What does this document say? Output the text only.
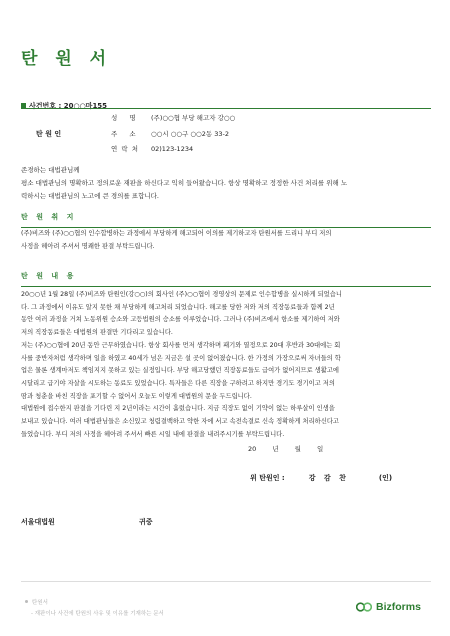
탄 원 서
사건번호 : 20○○마155
탄 원 인
성 명 (주)○○협 부당 해고자 강○○
주 소 ○○시 ○○구 ○○2동 33-2
연 락 처 02)123-1234
존경하는 대법관님께
평소 대법관님의 명확하고 정의로운 재판을 하신다고 익히 들어왔습니다. 항상 명확하고 정정한 사건 처리를 위해 노
력하시는 대법관님의 노고에 큰 경의를 표합니다.
탄 원 취 지
(주)비즈와 (주)○○협의 인수합병하는 과정에서 부당하게 해고되어 이의를 제기하고자 탄원서를 드리니 부디 저의
사정을 헤아려 주셔서 명쾌한 판결 부탁드립니다.
탄 원 내 용
20○○년 1월 28일 (주)비즈와 탄원인(강○○)의 회사인 (주)○○협이 경영상의 문제로 인수합병을 실시하게 되었습니
다. 그 과정에서 이유도 알지 못한 채 부당하게 해고처리 되었습니다. 해고를 당한 저와 저의 직장동료들과 함께 2년
동안 여러 과정을 거쳐 노동위원 승소와 고등법원의 승소를 이루었습니다. 그러나 (주)비즈에서 항소를 제기하여 저와
저의 직장동료들은 대법원의 판결만 기다리고 있습니다.
저는 (주)○○협에 20년 동안 근무하였습니다. 항상 회사를 먼저 생각하며 패기와 열정으로 20대 후반과 30대에는 회
사를 중반자처럼 생각하며 일을 하였고 40세가 넘은 지금은 설 곳이 없어졌습니다. 한 가정의 가장으로써 자녀들의 학
업은 물론 생계마저도 책임지지 못하고 있는 실정입니다. 부당 해고당했던 직장동료들도 급여가 없어지므로 생활고에
시달리고 급기야 자살을 시도하는 동료도 있었습니다. 특자들은 다른 직장을 구하려고 하지만 경기도 경기이고 저의
땀과 청춘을 바친 직장을 포기할 수 없어서 오늘도 이렇게 대법원의 문을 두드립니다.
대법원에 접수한지 판결을 기다린 지 2년이라는 시간이 흘렀습니다. 지금 직장도 없이 기약이 없는 하루살이 인생을
보내고 있습니다. 여러 대법관님들은 소신있고 청렴결백하고 약한 자에 서고 속전속결로 신속 정확하게 처리하신다고
들었습니다. 부디 저의 사정을 헤아려 주셔서 빠른 시일 내에 판결을 내려주시기를 부탁드립니다.
20 년 월 일
위 탄원인 :	강 감 찬	(인)
서울대법원	귀중
탄원서
- 재판이나 사건에 탄원의 사유 및 이유를 기재하는 문서
Bizforms
